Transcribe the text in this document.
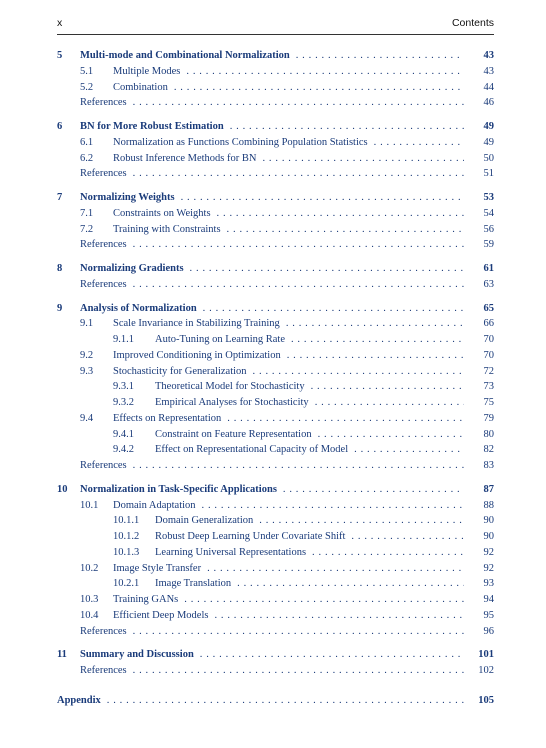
x	Contents
5 Multi-mode and Combinational Normalization . . .	43
5.1 Multiple Modes . . .	43
5.2 Combination . . .	44
References . . .	46
6 BN for More Robust Estimation . . .	49
6.1 Normalization as Functions Combining Population Statistics . . .	49
6.2 Robust Inference Methods for BN . . .	50
References . . .	51
7 Normalizing Weights . . .	53
7.1 Constraints on Weights . . .	54
7.2 Training with Constraints . . .	56
References . . .	59
8 Normalizing Gradients . . .	61
References . . .	63
9 Analysis of Normalization . . .	65
9.1 Scale Invariance in Stabilizing Training . . .	66
9.1.1 Auto-Tuning on Learning Rate . . .	70
9.2 Improved Conditioning in Optimization . . .	70
9.3 Stochasticity for Generalization . . .	72
9.3.1 Theoretical Model for Stochasticity . . .	73
9.3.2 Empirical Analyses for Stochasticity . . .	75
9.4 Effects on Representation . . .	79
9.4.1 Constraint on Feature Representation . . .	80
9.4.2 Effect on Representational Capacity of Model . . .	82
References . . .	83
10 Normalization in Task-Specific Applications . . .	87
10.1 Domain Adaptation . . .	88
10.1.1 Domain Generalization . . .	90
10.1.2 Robust Deep Learning Under Covariate Shift . . .	90
10.1.3 Learning Universal Representations . . .	92
10.2 Image Style Transfer . . .	92
10.2.1 Image Translation . . .	93
10.3 Training GANs . . .	94
10.4 Efficient Deep Models . . .	95
References . . .	96
11 Summary and Discussion . . .	101
References . . .	102
Appendix . . .	105
